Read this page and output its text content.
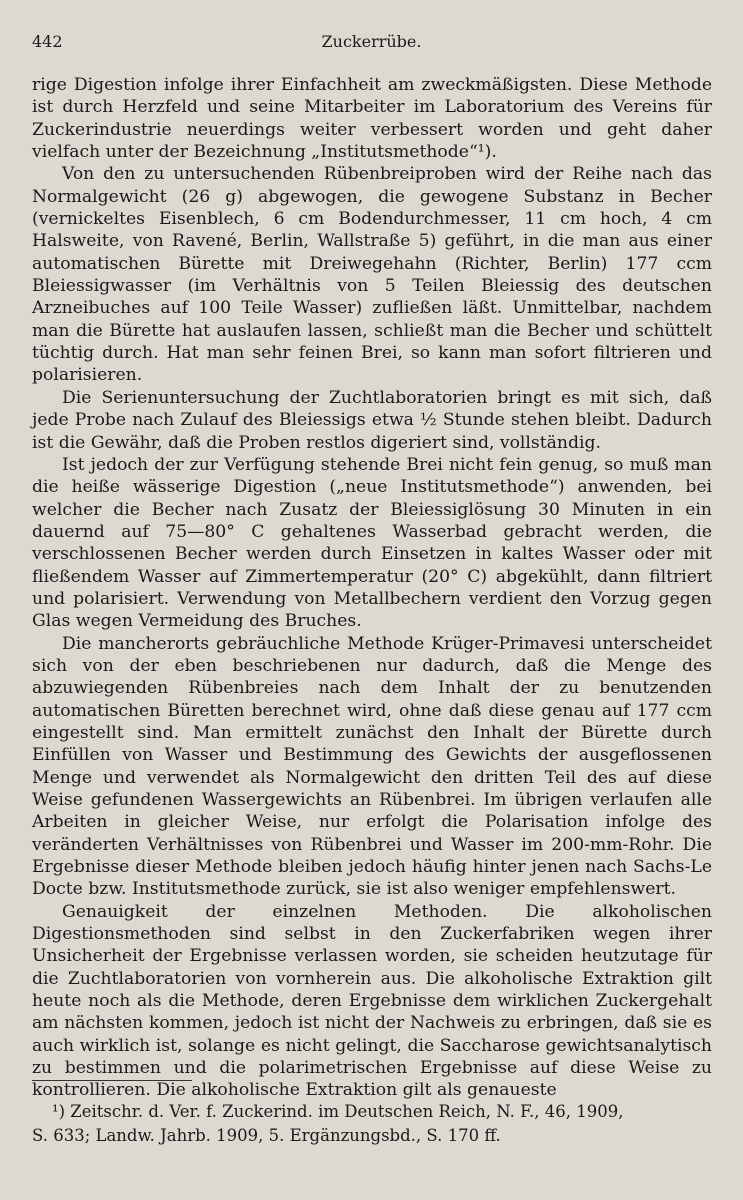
442	Zuckerrübe.

rige Digestion infolge ihrer Einfachheit am zweckmäßigsten. Diese Methode ist durch Herzfeld und seine Mitarbeiter im Laboratorium des Vereins für Zuckerindustrie neuerdings weiter verbessert worden und geht daher vielfach unter der Bezeichnung „Institutsmethode“¹).

Von den zu untersuchenden Rübenbreiproben wird der Reihe nach das Normalgewicht (26 g) abgewogen, die gewogene Substanz in Becher (vernickeltes Eisenblech, 6 cm Bodendurchmesser, 11 cm hoch, 4 cm Halsweite, von Ravené, Berlin, Wallstraße 5) geführt, in die man aus einer automatischen Bürette mit Dreiwegehahn (Richter, Berlin) 177 ccm Bleiessigwasser (im Verhältnis von 5 Teilen Bleiessig des deutschen Arzneibuches auf 100 Teile Wasser) zufließen läßt. Unmittelbar, nachdem man die Bürette hat auslaufen lassen, schließt man die Becher und schüttelt tüchtig durch. Hat man sehr feinen Brei, so kann man sofort filtrieren und polarisieren.

Die Serienuntersuchung der Zuchtlaboratorien bringt es mit sich, daß jede Probe nach Zulauf des Bleiessigs etwa ½ Stunde stehen bleibt. Dadurch ist die Gewähr, daß die Proben restlos digeriert sind, vollständig.

Ist jedoch der zur Verfügung stehende Brei nicht fein genug, so muß man die heiße wässerige Digestion („neue Institutsmethode“) anwenden, bei welcher die Becher nach Zusatz der Bleiessiglösung 30 Minuten in ein dauernd auf 75—80° C gehaltenes Wasserbad gebracht werden, die verschlossenen Becher werden durch Einsetzen in kaltes Wasser oder mit fließendem Wasser auf Zimmertemperatur (20° C) abgekühlt, dann filtriert und polarisiert. Verwendung von Metallbechern verdient den Vorzug gegen Glas wegen Vermeidung des Bruches.

Die mancherorts gebräuchliche Methode Krüger-Primavesi unterscheidet sich von der eben beschriebenen nur dadurch, daß die Menge des abzuwiegenden Rübenbreies nach dem Inhalt der zu benutzenden automatischen Büretten berechnet wird, ohne daß diese genau auf 177 ccm eingestellt sind. Man ermittelt zunächst den Inhalt der Bürette durch Einfüllen von Wasser und Bestimmung des Gewichts der ausgeflossenen Menge und verwendet als Normalgewicht den dritten Teil des auf diese Weise gefundenen Wassergewichts an Rübenbrei. Im übrigen verlaufen alle Arbeiten in gleicher Weise, nur erfolgt die Polarisation infolge des veränderten Verhältnisses von Rübenbrei und Wasser im 200-mm-Rohr. Die Ergebnisse dieser Methode bleiben jedoch häufig hinter jenen nach Sachs-Le Docte bzw. Institutsmethode zurück, sie ist also weniger empfehlenswert.

Genauigkeit der einzelnen Methoden. Die alkoholischen Digestionsmethoden sind selbst in den Zuckerfabriken wegen ihrer Unsicherheit der Ergebnisse verlassen worden, sie scheiden heutzutage für die Zuchtlaboratorien von vornherein aus. Die alkoholische Extraktion gilt heute noch als die Methode, deren Ergebnisse dem wirklichen Zuckergehalt am nächsten kommen, jedoch ist nicht der Nachweis zu erbringen, daß sie es auch wirklich ist, solange es nicht gelingt, die Saccharose gewichtsanalytisch zu bestimmen und die polarimetrischen Ergebnisse auf diese Weise zu kontrollieren. Die alkoholische Extraktion gilt als genaueste

¹) Zeitschr. d. Ver. f. Zuckerind. im Deutschen Reich, N. F., 46, 1909,
S. 633; Landw. Jahrb. 1909, 5. Ergänzungsbd., S. 170 ff.
